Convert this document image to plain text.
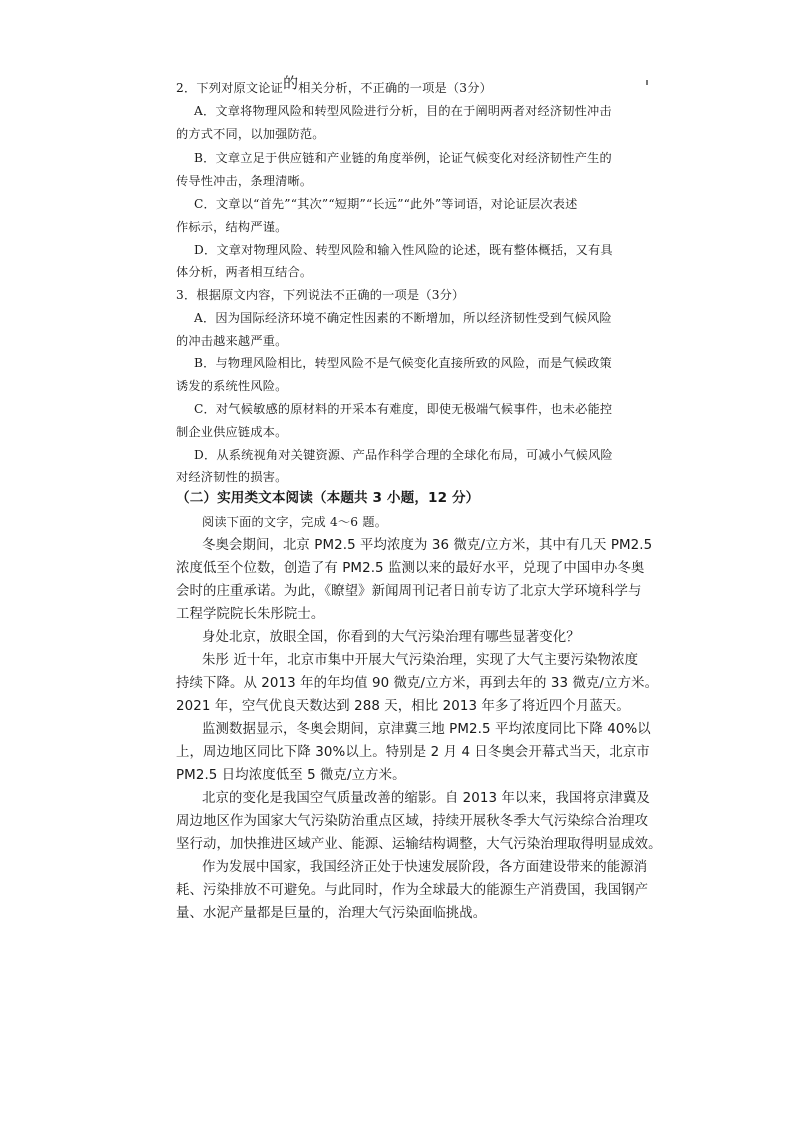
2．下列对原文论证的相关分析，不正确的一项是（3分）
A．文章将物理风险和转型风险进行分析，目的在于阐明两者对经济韧性冲击
的方式不同，以加强防范。
B．文章立足于供应链和产业链的角度举例，论证气候变化对经济韧性产生的
传导性冲击，条理清晰。
C．文章以“首先”“其次”“短期”“长远”“此外”等词语，对论证层次表述
作标示，结构严谨。
D．文章对物理风险、转型风险和输入性风险的论述，既有整体概括，又有具
体分析，两者相互结合。
3．根据原文内容，下列说法不正确的一项是（3分）
A．因为国际经济环境不确定性因素的不断增加，所以经济韧性受到气候风险
的冲击越来越严重。
B．与物理风险相比，转型风险不是气候变化直接所致的风险，而是气候政策
诱发的系统性风险。
C．对气候敏感的原材料的开采本有难度，即使无极端气候事件，也未必能控
制企业供应链成本。
D．从系统视角对关键资源、产品作科学合理的全球化布局，可减小气候风险
对经济韧性的损害。
（二）实用类文本阅读（本题共 3 小题，12 分）
阅读下面的文字，完成 4～6 题。
冬奥会期间，北京 PM2.5 平均浓度为 36 微克/立方米，其中有几天 PM2.5
浓度低至个位数，创造了有 PM2.5 监测以来的最好水平，兑现了中国申办冬奥
会时的庄重承诺。为此，《瞭望》新闻周刊记者日前专访了北京大学环境科学与
工程学院院长朱彤院士。
身处北京，放眼全国，你看到的大气污染治理有哪些显著变化？
朱彤 近十年，北京市集中开展大气污染治理，实现了大气主要污染物浓度
持续下降。从 2013 年的年均值 90 微克/立方米，再到去年的 33 微克/立方米。
2021 年，空气优良天数达到 288 天，相比 2013 年多了将近四个月蓝天。
监测数据显示，冬奥会期间，京津冀三地 PM2.5 平均浓度同比下降 40%以
上，周边地区同比下降 30%以上。特别是 2 月 4 日冬奥会开幕式当天，北京市
PM2.5 日均浓度低至 5 微克/立方米。
北京的变化是我国空气质量改善的缩影。自 2013 年以来，我国将京津冀及
周边地区作为国家大气污染防治重点区域，持续开展秋冬季大气污染综合治理攻
坚行动，加快推进区域产业、能源、运输结构调整，大气污染治理取得明显成效。
作为发展中国家，我国经济正处于快速发展阶段，各方面建设带来的能源消
耗、污染排放不可避免。与此同时，作为全球最大的能源生产消费国，我国钢产
量、水泥产量都是巨量的，治理大气污染面临挑战。
